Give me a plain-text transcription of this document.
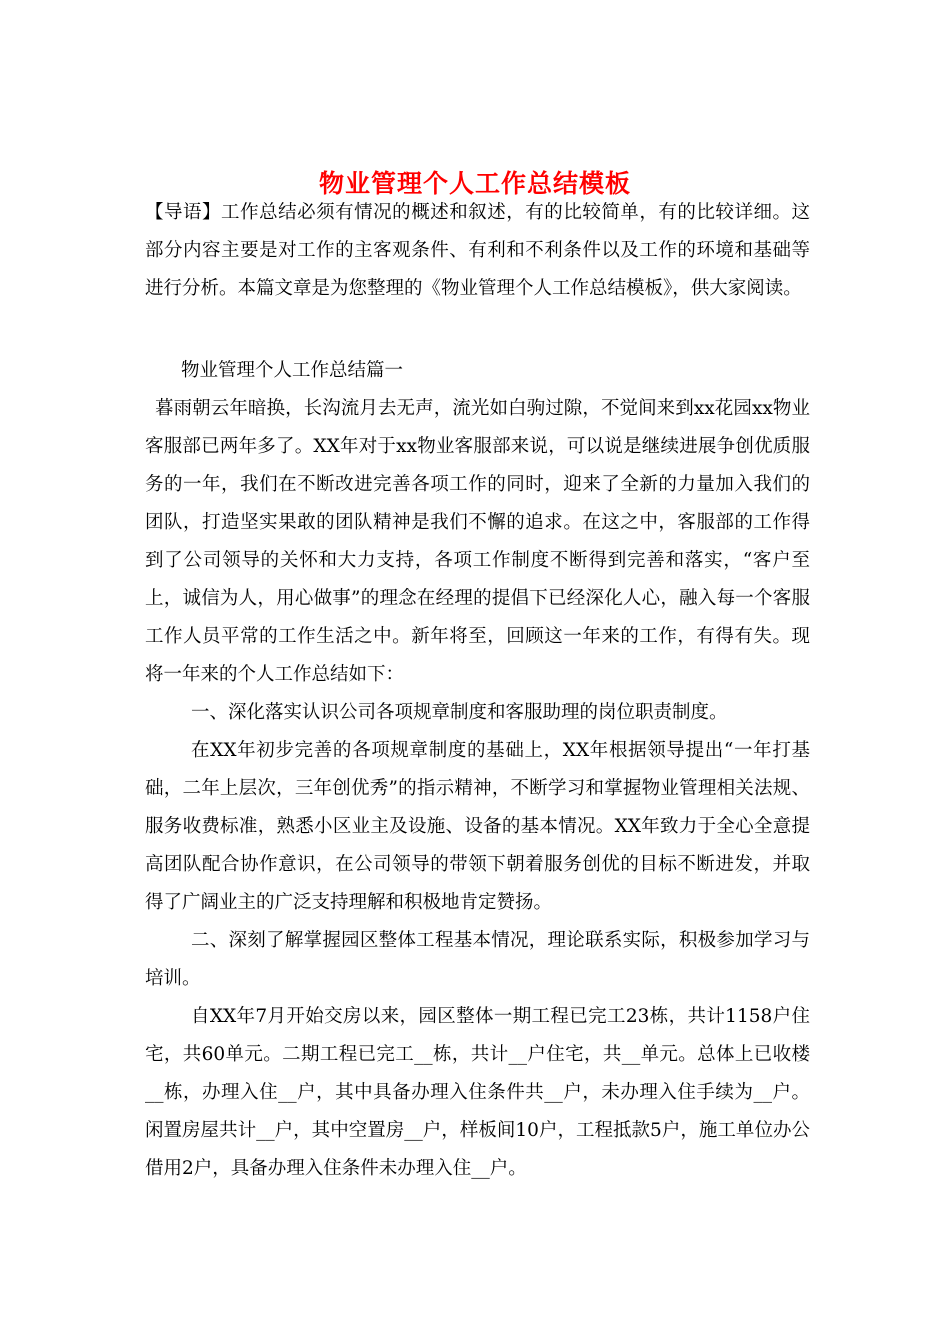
物业管理个人工作总结模板

【导语】工作总结必须有情况的概述和叙述，有的比较简单，有的比较详细。这部分内容主要是对工作的主客观条件、有利和不利条件以及工作的环境和基础等进行分析。本篇文章是为您整理的《物业管理个人工作总结模板》，供大家阅读。

物业管理个人工作总结篇一

暮雨朝云年暗换，长沟流月去无声，流光如白驹过隙，不觉间来到xx花园xx物业客服部已两年多了。XX年对于xx物业客服部来说，可以说是继续进展争创优质服务的一年，我们在不断改进完善各项工作的同时，迎来了全新的力量加入我们的团队，打造坚实果敢的团队精神是我们不懈的追求。在这之中，客服部的工作得到了公司领导的关怀和大力支持，各项工作制度不断得到完善和落实，“客户至上，诚信为人，用心做事”的理念在经理的提倡下已经深化人心，融入每一个客服工作人员平常的工作生活之中。新年将至，回顾这一年来的工作，有得有失。现将一年来的个人工作总结如下：

一、深化落实认识公司各项规章制度和客服助理的岗位职责制度。

在XX年初步完善的各项规章制度的基础上，XX年根据领导提出“一年打基础，二年上层次，三年创优秀”的指示精神，不断学习和掌握物业管理相关法规、服务收费标准，熟悉小区业主及设施、设备的基本情况。XX年致力于全心全意提高团队配合协作意识，在公司领导的带领下朝着服务创优的目标不断进发，并取得了广阔业主的广泛支持理解和积极地肯定赞扬。

二、深刻了解掌握园区整体工程基本情况，理论联系实际，积极参加学习与培训。

自XX年7月开始交房以来，园区整体一期工程已完工23栋，共计1158户住宅，共60单元。二期工程已完工__栋，共计__户住宅，共__单元。总体上已收楼__栋，办理入住__户，其中具备办理入住条件共__户，未办理入住手续为__户。闲置房屋共计__户，其中空置房__户，样板间10户，工程抵款5户，施工单位办公借用2户，具备办理入住条件未办理入住__户。
